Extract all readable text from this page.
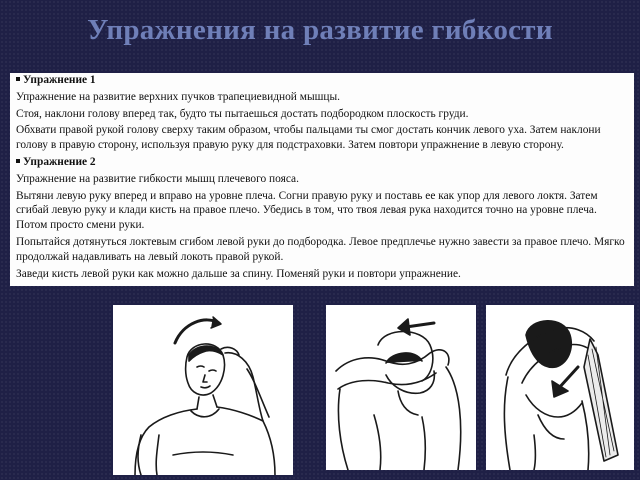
Упражнения на развитие гибкости

Упражнение 1

Упражнение на развитие верхних пучков трапециевидной мышцы.

Стоя, наклони голову вперед так, будто ты пытаешься достать подбородком плоскость груди.

Обхвати правой рукой голову сверху таким образом, чтобы пальцами ты смог достать кончик левого уха. Затем наклони голову в правую сторону, используя правую руку для подстраховки. Затем повтори упражнение в левую сторону.

Упражнение 2

Упражнение на развитие гибкости мышц плечевого пояса.

Вытяни левую руку вперед и вправо на уровне плеча. Согни правую руку и поставь ее как упор для левого локтя. Затем сгибай левую руку и клади кисть на правое плечо. Убедись в том, что твоя левая рука находится точно на уровне плеча. Потом просто смени руки.

Попытайся дотянуться локтевым сгибом левой руки до подбородка. Левое предплечье нужно завести за правое плечо. Мягко продолжай надавливать на левый локоть правой рукой.

Заведи кисть левой руки как можно дальше за спину. Поменяй руки и повтори упражнение.
